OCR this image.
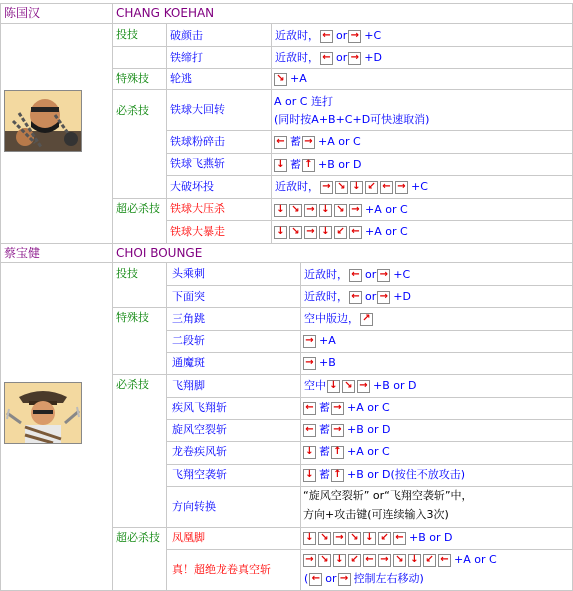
陈国汉	CHANG KOEHAN
投技
特殊技
必杀技
超必杀技
破颜击
铁缔打
轮逃
铁球大回转
铁球粉碎击
铁球飞燕斩
大破坏投
铁球大压杀
铁球大暴走
近敌时， ← or → +C
近敌时， ← or → +D
↘ +A
A or C 连打
(同时按A+B+C+D可快速取消)
← 蓄 → +A or C
↓ 蓄 ↑ +B or D
近敌时， → ↘ ↓ ↙ ← → +C
↓ ↘ → ↓ ↘ → +A or C
↓ ↘ → ↓ ↙ ← +A or C
蔡宝健	CHOI BOUNGE
投技
特殊技
必杀技
超必杀技
头乘刺
下面突
三角跳
二段斩
通魔斑
飞翔脚
疾风飞翔斩
旋风空裂斩
龙卷疾风斩
飞翔空袭斩
方向转换
凤凰脚
真！超绝龙卷真空斩
近敌时， ← or → +C
近敌时， ← or → +D
空中版边， ↗
→ +A
→ +B
空中 ↓ ↘ → +B or D
← 蓄 → +A or C
← 蓄 → +B or D
↓ 蓄 ↑ +A or C
↓ 蓄 ↑ +B or D(按住不放攻击)
“旋风空裂斩” or“飞翔空袭斩”中，
方向+攻击键(可连续输入3次)
↓ ↘ → ↘ ↓ ↙ ← +B or D
→ ↘ ↓ ↙ ← → ↘ ↓ ↙ ← +A or C
( ← or → 控制左右移动)
